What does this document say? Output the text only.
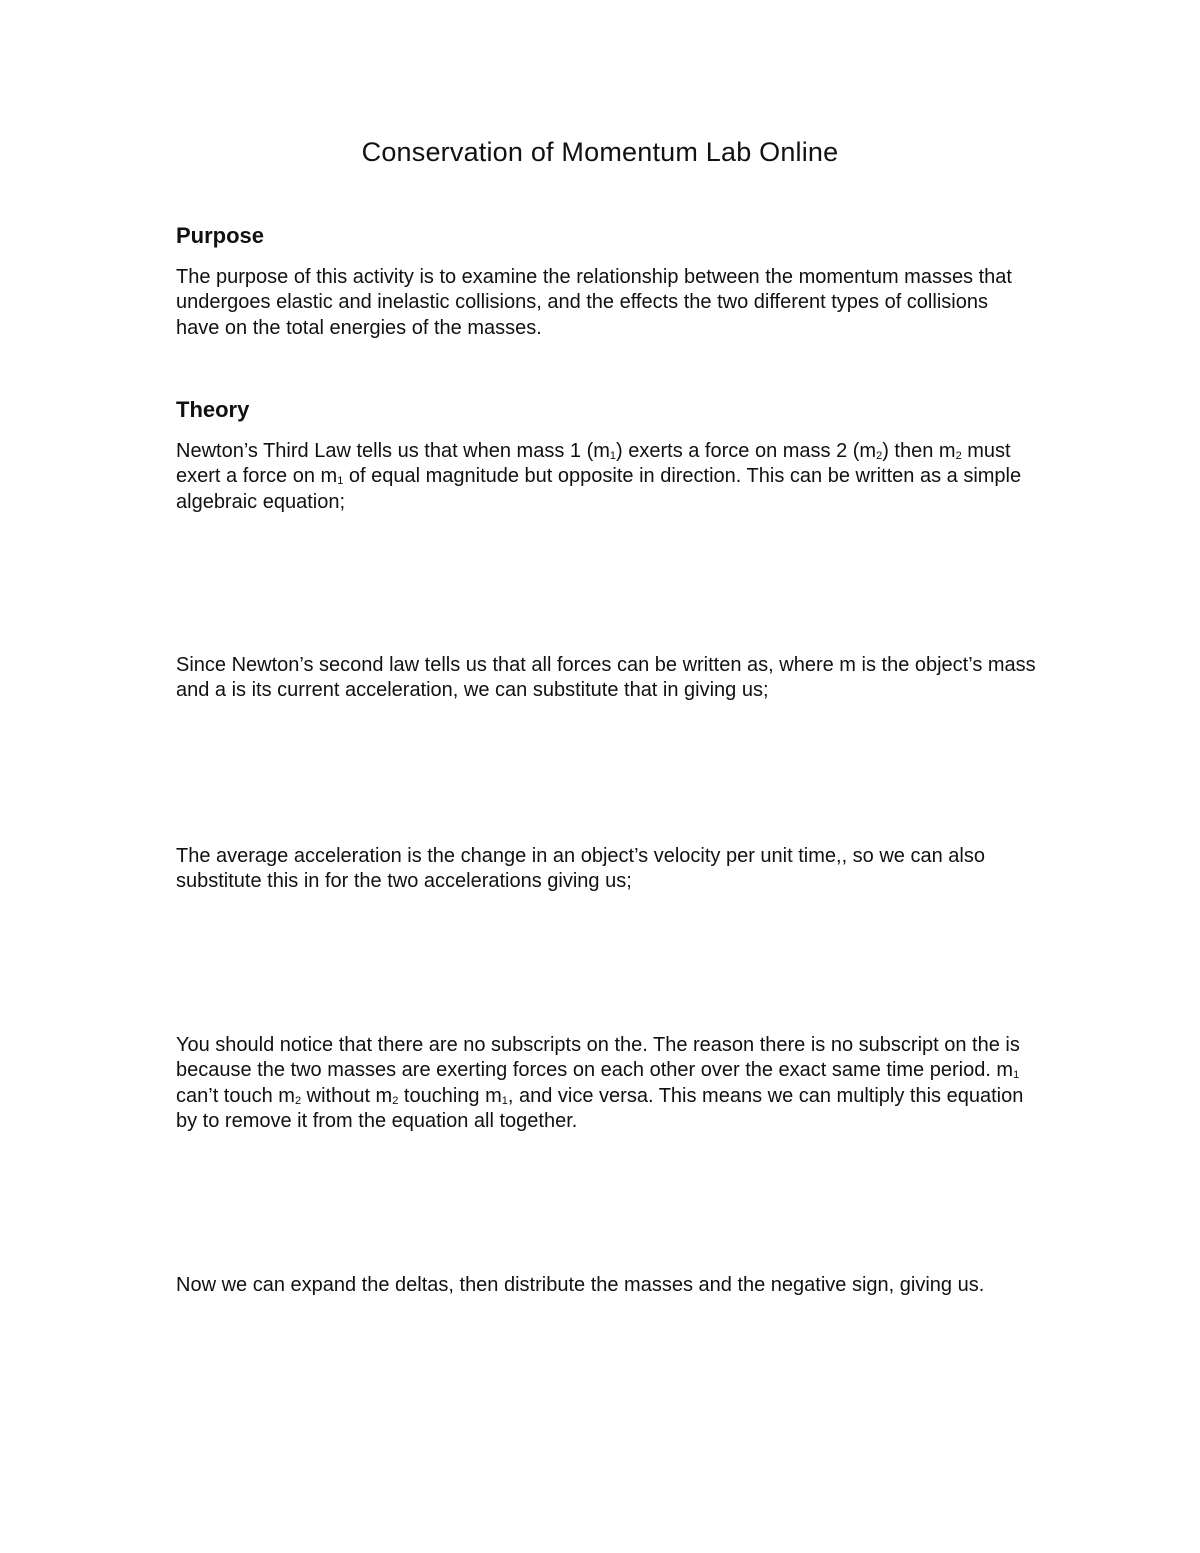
Conservation of Momentum Lab Online
Purpose

The purpose of this activity is to examine the relationship between the momentum masses that undergoes elastic and inelastic collisions, and the effects the two different types of collisions have on the total energies of the masses.

Theory

Newton’s Third Law tells us that when mass 1 $(m_1)$ exerts a force on mass 2 $(m_2)$ then $m_2$ must exert a force on $m_1$ of equal magnitude but opposite in direction. This can be written as a simple algebraic equation;

Since Newton’s second law tells us that all forces can be written as, where m is the object’s mass and a is its current acceleration, we can substitute that in giving us;

The average acceleration is the change in an object’s velocity per unit time,, so we can also substitute this in for the two accelerations giving us;

You should notice that there are no subscripts on the. The reason there is no subscript on the is because the two masses are exerting forces on each other over the exact same time period. $m_1$ can’t touch $m_2$ without $m_2$ touching $m_1$, and vice versa. This means we can multiply this equation by to remove it from the equation all together.

Now we can expand the deltas, then distribute the masses and the negative sign, giving us.
